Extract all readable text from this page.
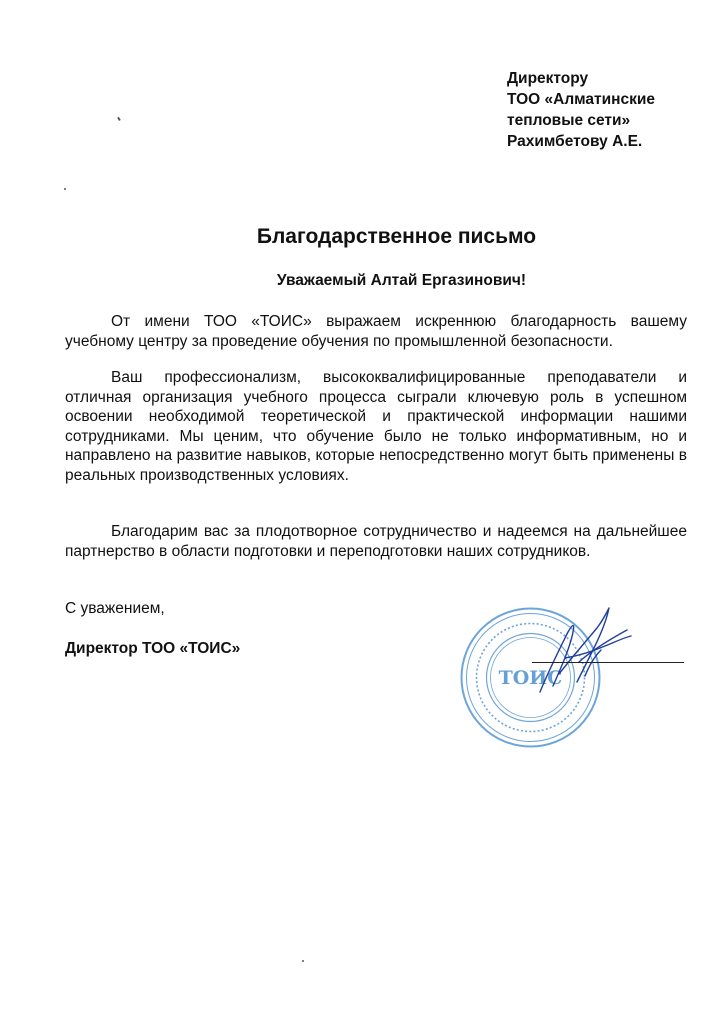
Директору
ТОО «Алматинские
тепловые сети»
Рахимбетову А.Е.
Благодарственное письмо
Уважаемый Алтай Ергазинович!

От имени ТОО «ТОИС» выражаем искреннюю благодарность вашему учебному центру за проведение обучения по промышленной безопасности.

Ваш профессионализм, высококвалифицированные преподаватели и отличная организация учебного процесса сыграли ключевую роль в успешном освоении необходимой теоретической и практической информации нашими сотрудниками. Мы ценим, что обучение было не только информативным, но и направлено на развитие навыков, которые непосредственно могут быть применены в реальных производственных условиях.

Благодарим вас за плодотворное сотрудничество и надеемся на дальнейшее партнерство в области подготовки и переподготовки наших сотрудников.

С уважением,
Директор ТОО «ТОИС»
ТОИС
